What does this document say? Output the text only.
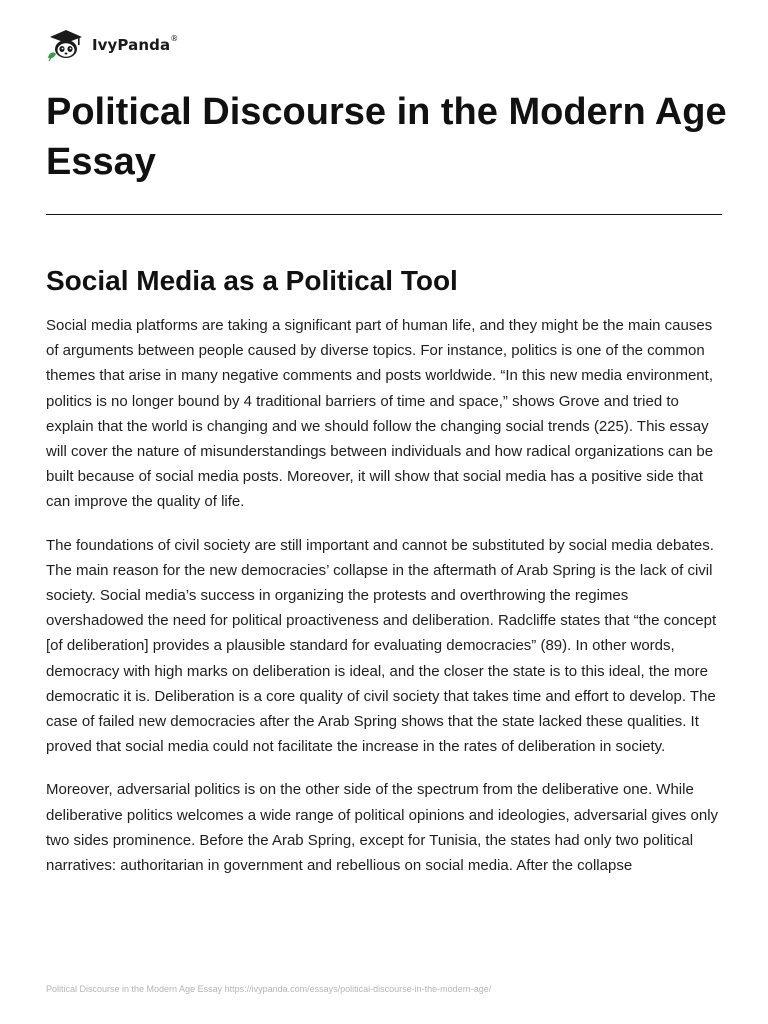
IvyPanda®
Political Discourse in the Modern Age Essay
Social Media as a Political Tool

Social media platforms are taking a significant part of human life, and they might be the main causes of arguments between people caused by diverse topics. For instance, politics is one of the common themes that arise in many negative comments and posts worldwide. “In this new media environment, politics is no longer bound by 4 traditional barriers of time and space,” shows Grove and tried to explain that the world is changing and we should follow the changing social trends (225). This essay will cover the nature of misunderstandings between individuals and how radical organizations can be built because of social media posts. Moreover, it will show that social media has a positive side that can improve the quality of life.

The foundations of civil society are still important and cannot be substituted by social media debates. The main reason for the new democracies’ collapse in the aftermath of Arab Spring is the lack of civil society. Social media’s success in organizing the protests and overthrowing the regimes overshadowed the need for political proactiveness and deliberation. Radcliffe states that “the concept [of deliberation] provides a plausible standard for evaluating democracies” (89). In other words, democracy with high marks on deliberation is ideal, and the closer the state is to this ideal, the more democratic it is. Deliberation is a core quality of civil society that takes time and effort to develop. The case of failed new democracies after the Arab Spring shows that the state lacked these qualities. It proved that social media could not facilitate the increase in the rates of deliberation in society.

Moreover, adversarial politics is on the other side of the spectrum from the deliberative one. While deliberative politics welcomes a wide range of political opinions and ideologies, adversarial gives only two sides prominence. Before the Arab Spring, except for Tunisia, the states had only two political narratives: authoritarian in government and rebellious on social media. After the collapse

Political Discourse in the Modern Age Essay https://ivypanda.com/essays/political-discourse-in-the-modern-age/
